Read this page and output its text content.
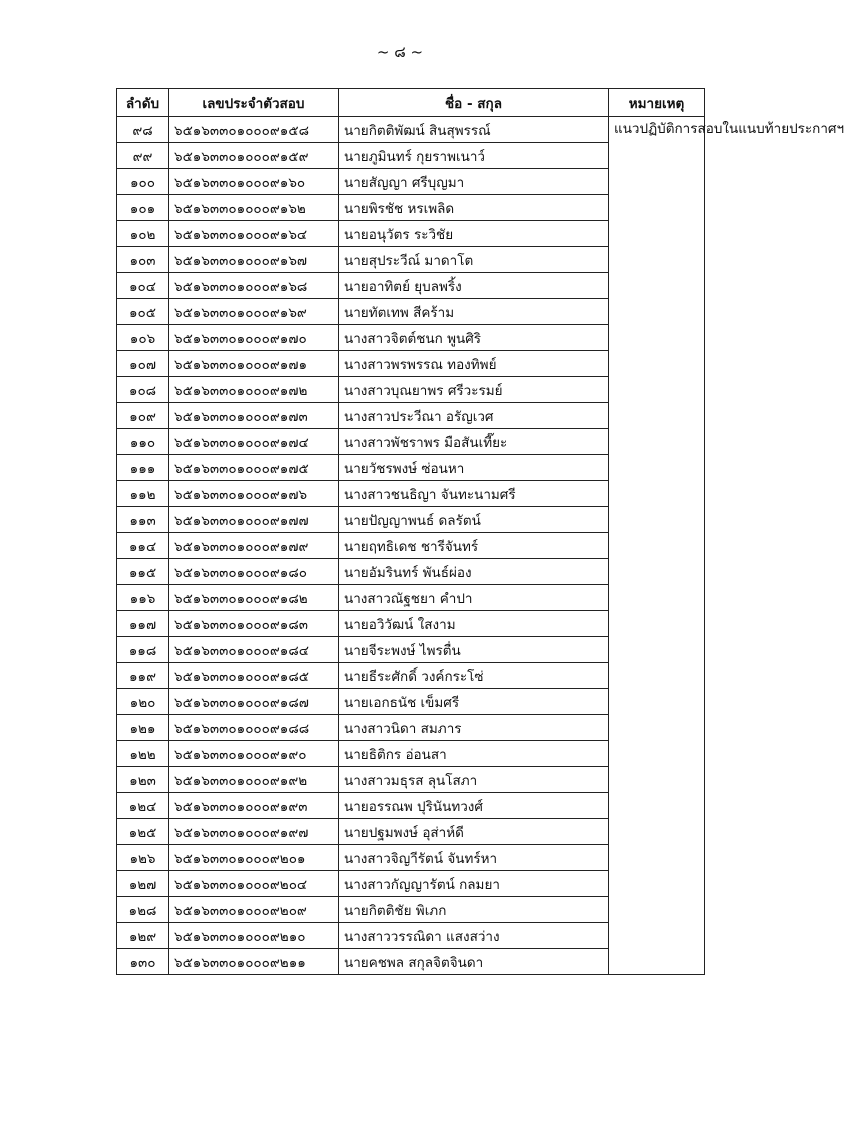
~ ๘ ~
ลำดับ	เลขประจำตัวสอบ	ชื่อ - สกุล	หมายเหตุ
๙๘	๖๕๑๖๓๓๐๑๐๐๐๙๑๕๘	นายกิตติพัฒน์ สินสุพรรณ์	แนวปฏิบัติการสอบในแนบท้ายประกาศฯ
๙๙	๖๕๑๖๓๓๐๑๐๐๐๙๑๕๙	นายภูมินทร์ กุยราพเนาว์	
๑๐๐	๖๕๑๖๓๓๐๑๐๐๐๙๑๖๐	นายสัญญา ศรีบุญมา	
๑๐๑	๖๕๑๖๓๓๐๑๐๐๐๙๑๖๒	นายพิรชัช หรเพลิด	
๑๐๒	๖๕๑๖๓๓๐๑๐๐๐๙๑๖๔	นายอนุวัตร ระวิชัย	
๑๐๓	๖๕๑๖๓๓๐๑๐๐๐๙๑๖๗	นายสุประวีณ์ มาดาโต	
๑๐๔	๖๕๑๖๓๓๐๑๐๐๐๙๑๖๘	นายอาทิตย์ ยุบลพริ้ง	
๑๐๕	๖๕๑๖๓๓๐๑๐๐๐๙๑๖๙	นายทัตเทพ สีคร้าม	
๑๐๖	๖๕๑๖๓๓๐๑๐๐๐๙๑๗๐	นางสาวจิตต์ชนก พูนศิริ	
๑๐๗	๖๕๑๖๓๓๐๑๐๐๐๙๑๗๑	นางสาวพรพรรณ ทองทิพย์	
๑๐๘	๖๕๑๖๓๓๐๑๐๐๐๙๑๗๒	นางสาวบุณยาพร ศรีวะรมย์	
๑๐๙	๖๕๑๖๓๓๐๑๐๐๐๙๑๗๓	นางสาวประวีณา อรัญเวศ	
๑๑๐	๖๕๑๖๓๓๐๑๐๐๐๙๑๗๔	นางสาวพัชราพร มือสันเที๊ยะ	
๑๑๑	๖๕๑๖๓๓๐๑๐๐๐๙๑๗๕	นายวัชรพงษ์ ซ่อนหา	
๑๑๒	๖๕๑๖๓๓๐๑๐๐๐๙๑๗๖	นางสาวชนธิญา จันทะนามศรี	
๑๑๓	๖๕๑๖๓๓๐๑๐๐๐๙๑๗๗	นายปัญญาพนธ์ ดลรัตน์	
๑๑๔	๖๕๑๖๓๓๐๑๐๐๐๙๑๗๙	นายฤทธิเดช ชารีจันทร์	
๑๑๕	๖๕๑๖๓๓๐๑๐๐๐๙๑๘๐	นายอัมรินทร์ พันธ์ผ่อง	
๑๑๖	๖๕๑๖๓๓๐๑๐๐๐๙๑๘๒	นางสาวณัฐชยา คำปา	
๑๑๗	๖๕๑๖๓๓๐๑๐๐๐๙๑๘๓	นายอวิวัฒน์ ใสงาม	
๑๑๘	๖๕๑๖๓๓๐๑๐๐๐๙๑๘๔	นายจีระพงษ์ ไพรตื่น	
๑๑๙	๖๕๑๖๓๓๐๑๐๐๐๙๑๘๕	นายธีระศักดิ์ วงค์กระโซ่	
๑๒๐	๖๕๑๖๓๓๐๑๐๐๐๙๑๘๗	นายเอกธนัช เข็มศรี	
๑๒๑	๖๕๑๖๓๓๐๑๐๐๐๙๑๘๘	นางสาวนิดา สมภาร	
๑๒๒	๖๕๑๖๓๓๐๑๐๐๐๙๑๙๐	นายธิติกร อ่อนสา	
๑๒๓	๖๕๑๖๓๓๐๑๐๐๐๙๑๙๒	นางสาวมธุรส ลุนโสภา	
๑๒๔	๖๕๑๖๓๓๐๑๐๐๐๙๑๙๓	นายอรรณพ ปุรินันทวงศ์	
๑๒๕	๖๕๑๖๓๓๐๑๐๐๐๙๑๙๗	นายปฐมพงษ์ อุส่าห์ดี	
๑๒๖	๖๕๑๖๓๓๐๑๐๐๐๙๒๐๑	นางสาวจิญาีรัตน์ จันทร์หา	
๑๒๗	๖๕๑๖๓๓๐๑๐๐๐๙๒๐๔	นางสาวกัญญารัตน์ กลมยา	
๑๒๘	๖๕๑๖๓๓๐๑๐๐๐๙๒๐๙	นายกิตติชัย พิเภก	
๑๒๙	๖๕๑๖๓๓๐๑๐๐๐๙๒๑๐	นางสาววรรณิดา แสงสว่าง	
๑๓๐	๖๕๑๖๓๓๐๑๐๐๐๙๒๑๑	นายคชพล สกุลจิตจินดา	
